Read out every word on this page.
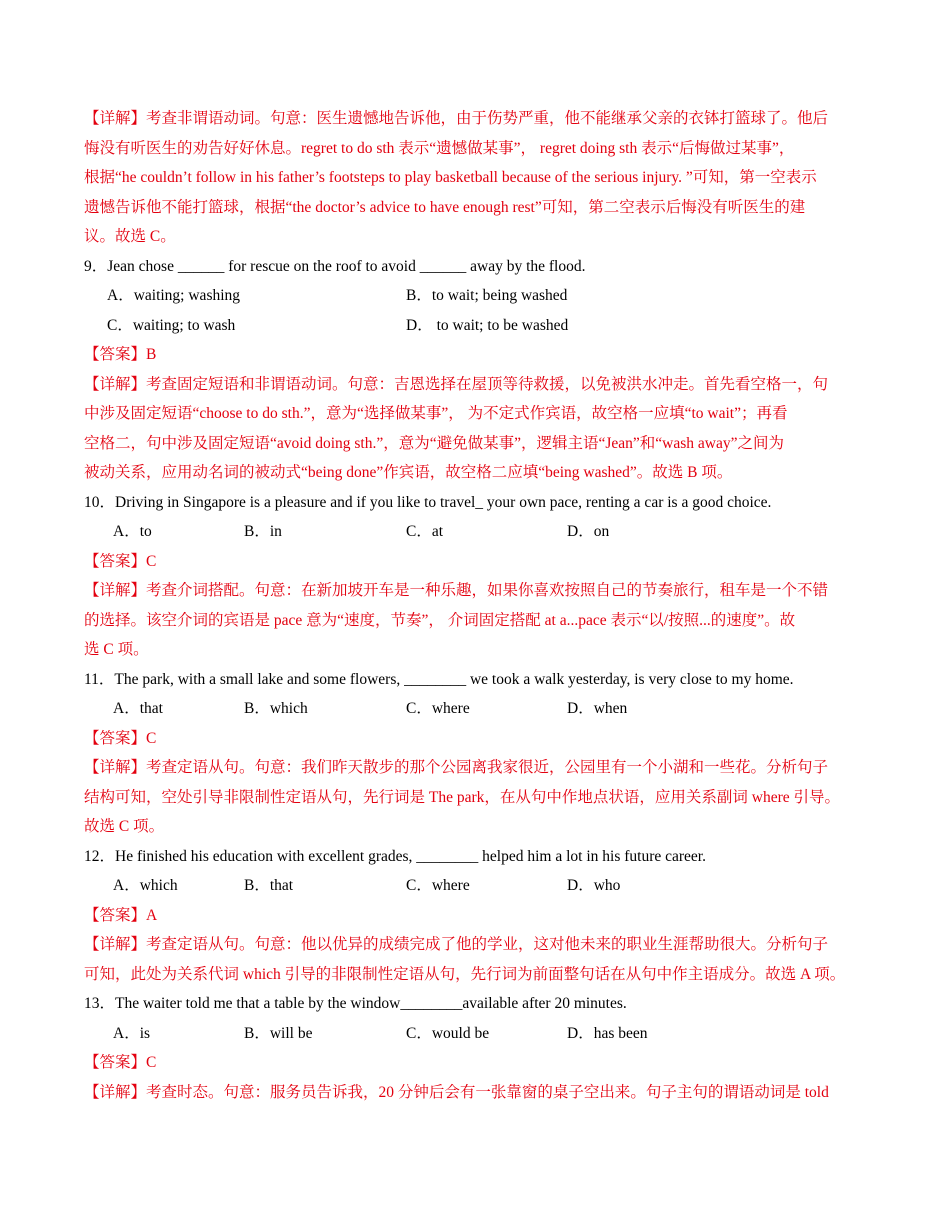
【详解】考查非谓语动词。句意：医生遗憾地告诉他，由于伤势严重，他不能继承父亲的衣钵打篮球了。他后
悔没有听医生的劝告好好休息。regret to do sth 表示“遗憾做某事”， regret doing sth 表示“后悔做过某事”，
根据“he couldn’t follow in his father’s footsteps to play basketball because of the serious injury. ”可知，第一空表示
遗憾告诉他不能打篮球，根据“the doctor’s advice to have enough rest”可知，第二空表示后悔没有听医生的建
议。故选 C。
9．Jean chose ______ for rescue on the roof to avoid ______ away by the flood.
A．waiting; washing	B．to wait; being washed
C．waiting; to wash	D． to wait; to be washed
【答案】B
【详解】考查固定短语和非谓语动词。句意：吉恩选择在屋顶等待救援，以免被洪水冲走。首先看空格一，句
中涉及固定短语“choose to do sth.”，意为“选择做某事”， 为不定式作宾语，故空格一应填“to wait”；再看
空格二，句中涉及固定短语“avoid doing sth.”，意为“避免做某事”，逻辑主语“Jean”和“wash away”之间为
被动关系，应用动名词的被动式“being done”作宾语，故空格二应填“being washed”。故选 B 项。
10．Driving in Singapore is a pleasure and if you like to travel_ your own pace, renting a car is a good choice.
A．to	B．in	C．at	D．on
【答案】C
【详解】考查介词搭配。句意：在新加坡开车是一种乐趣，如果你喜欢按照自己的节奏旅行，租车是一个不错
的选择。该空介词的宾语是 pace 意为“速度，节奏”， 介词固定搭配 at a...pace 表示“以/按照...的速度”。故
选 C 项。
11．The park, with a small lake and some flowers, ________ we took a walk yesterday, is very close to my home.
A．that	B．which	C．where	D．when
【答案】C
【详解】考查定语从句。句意：我们昨天散步的那个公园离我家很近，公园里有一个小湖和一些花。分析句子
结构可知，空处引导非限制性定语从句，先行词是 The park，在从句中作地点状语，应用关系副词 where 引导。
故选 C 项。
12．He finished his education with excellent grades, ________ helped him a lot in his future career.
A．which	B．that	C．where	D．who
【答案】A
【详解】考查定语从句。句意：他以优异的成绩完成了他的学业，这对他未来的职业生涯帮助很大。分析句子
可知，此处为关系代词 which 引导的非限制性定语从句，先行词为前面整句话在从句中作主语成分。故选 A 项。
13．The waiter told me that a table by the window________available after 20 minutes.
A．is	B．will be	C．would be	D．has been
【答案】C
【详解】考查时态。句意：服务员告诉我，20 分钟后会有一张靠窗的桌子空出来。句子主句的谓语动词是 told
